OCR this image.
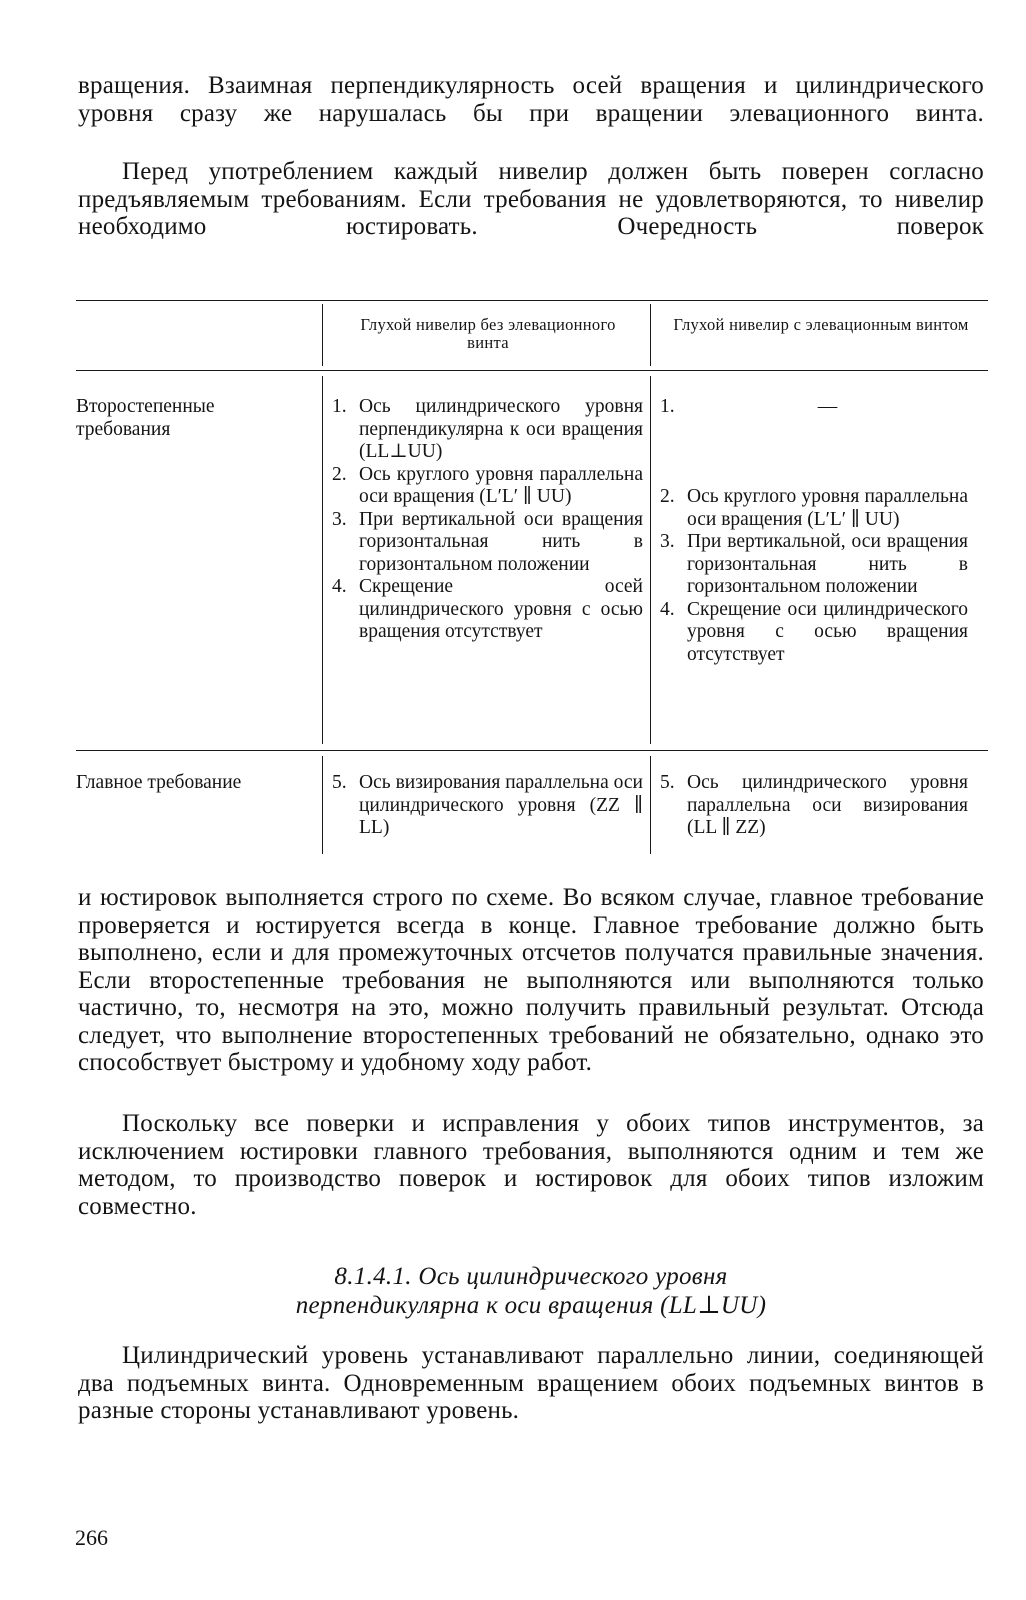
вращения. Взаимная перпендикулярность осей вращения и цилиндрического уровня сразу же нарушалась бы при вращении элевационного винта.

Перед употреблением каждый нивелир должен быть поверен согласно предъявляемым требованиям. Если требования не удовлетворяются, то нивелир необходимо юстировать. Очередность поверок

Глухой нивелир без элевационного винта
Глухой нивелир с элевационным винтом
Второстепенные требования
Главное требование
1. Ось цилиндрического уровня перпендикулярна к оси вращения (LL⊥UU)
2. Ось круглого уровня параллельна оси вращения (L′L′ ∥ UU)
3. При вертикальной оси вращения горизонтальная нить в горизонтальном положении
4. Скрещение осей цилиндрического уровня с осью вращения отсутствует
1.	—
2. Ось круглого уровня параллельна оси вращения (L′L′ ∥ UU)
3. При вертикальной, оси вращения горизонтальная нить в горизонтальном положении
4. Скрещение оси цилиндрического уровня с осью вращения отсутствует
5. Ось визирования параллельна оси цилиндрического уровня (ZZ ∥ LL)
5. Ось цилиндрического уровня параллельна оси визирования (LL ∥ ZZ)

и юстировок выполняется строго по схеме. Во всяком случае, главное требование проверяется и юстируется всегда в конце. Главное требование должно быть выполнено, если и для промежуточных отсчетов получатся правильные значения. Если второстепенные требования не выполняются или выполняются только частично, то, несмотря на это, можно получить правильный результат. Отсюда следует, что выполнение второстепенных требований не обязательно, однако это способствует быстрому и удобному ходу работ.

Поскольку все поверки и исправления у обоих типов инструментов, за исключением юстировки главного требования, выполняются одним и тем же методом, то производство поверок и юстировок для обоих типов изложим совместно.

8.1.4.1. Ось цилиндрического уровня
перпендикулярна к оси вращения (LL⊥UU)

Цилиндрический уровень устанавливают параллельно линии, соединяющей два подъемных винта. Одновременным вращением обоих подъемных винтов в разные стороны устанавливают уровень.

266
